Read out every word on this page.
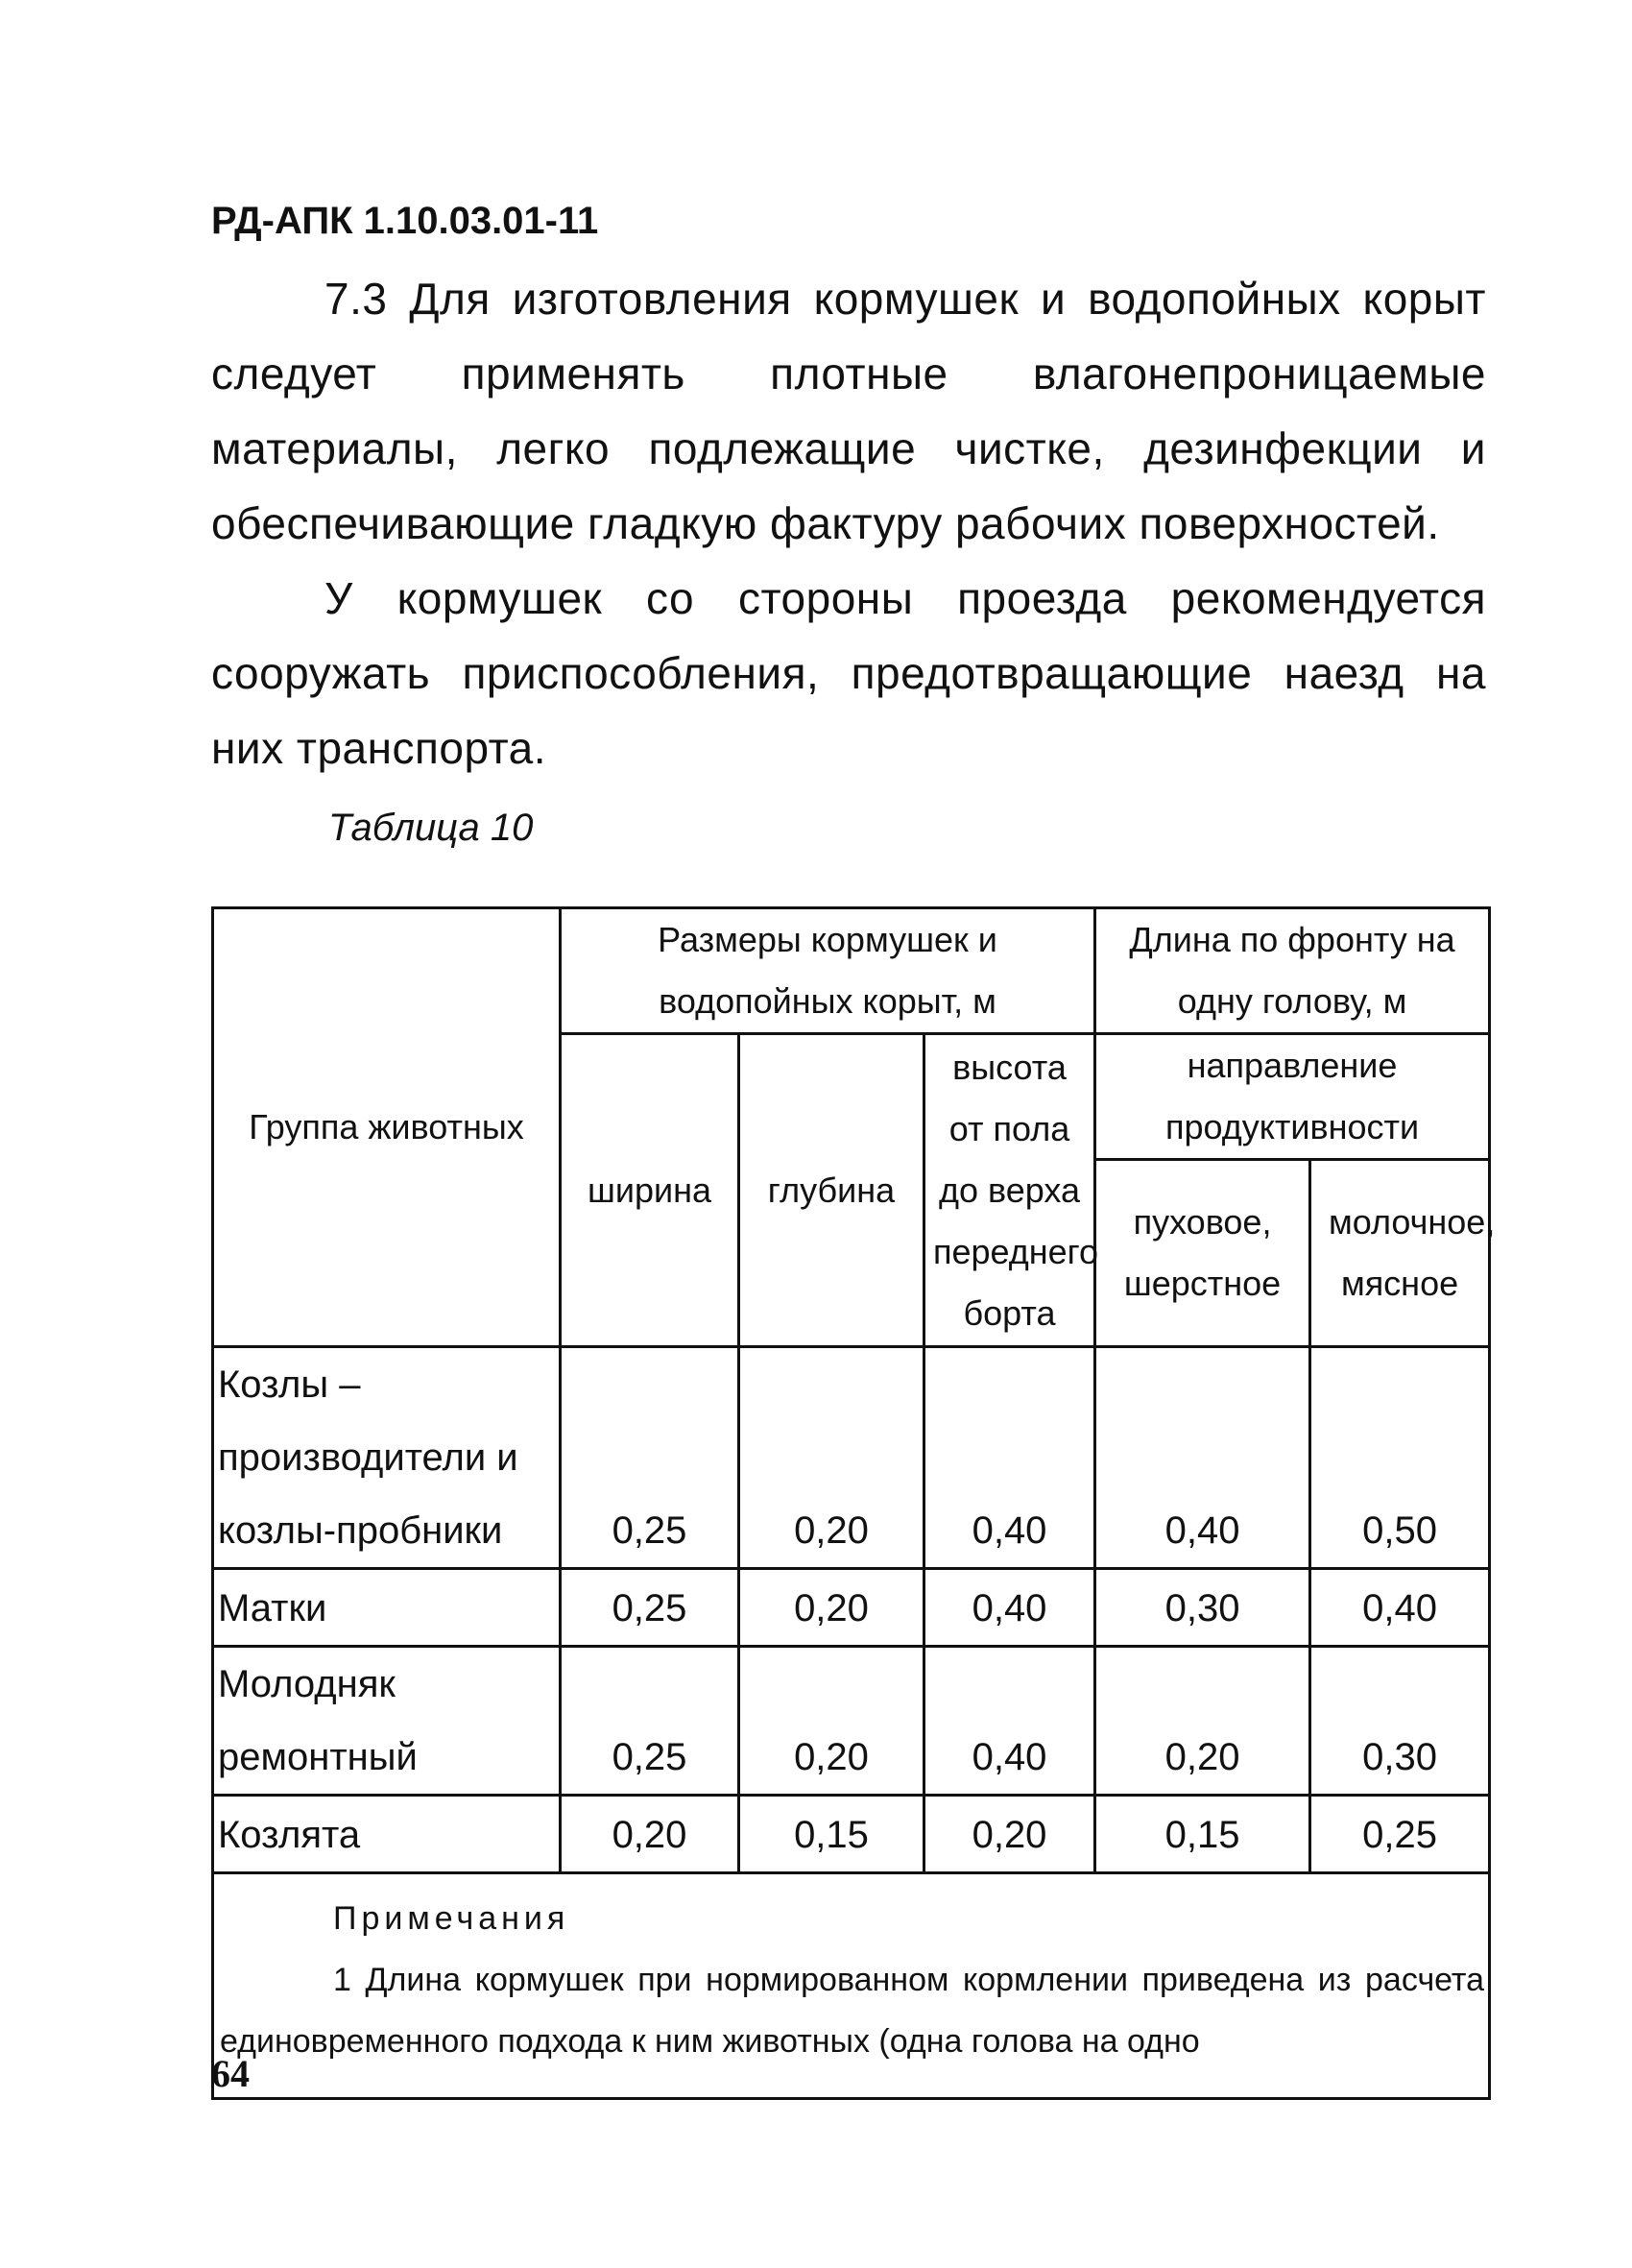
РД-АПК 1.10.03.01-11

7.3 Для изготовления кормушек и водопойных корыт следует применять плотные влагонепроницаемые материалы, легко подлежащие чистке, дезинфекции и обеспечивающие гладкую фактуру рабочих поверхностей.

У кормушек со стороны проезда рекомендуется сооружать приспособления, предотвращающие наезд на них транспорта.

Таблица 10

Группа животных	Размеры кормушек и водопойных корыт, м			Длина по фронту на одну голову, м	
	ширина	глубина	высота от пола до верха переднего борта	направление продуктивности	
				пуховое, шерстное	молочное, мясное
Козлы – производители и козлы-пробники	0,25	0,20	0,40	0,40	0,50
Матки	0,25	0,20	0,40	0,30	0,40
Молодняк ремонтный	0,25	0,20	0,40	0,20	0,30
Козлята	0,20	0,15	0,20	0,15	0,25

Примечания

1 Длина кормушек при нормированном кормлении приведена из расчета единовременного подхода к ним животных (одна голова на одно					

64
